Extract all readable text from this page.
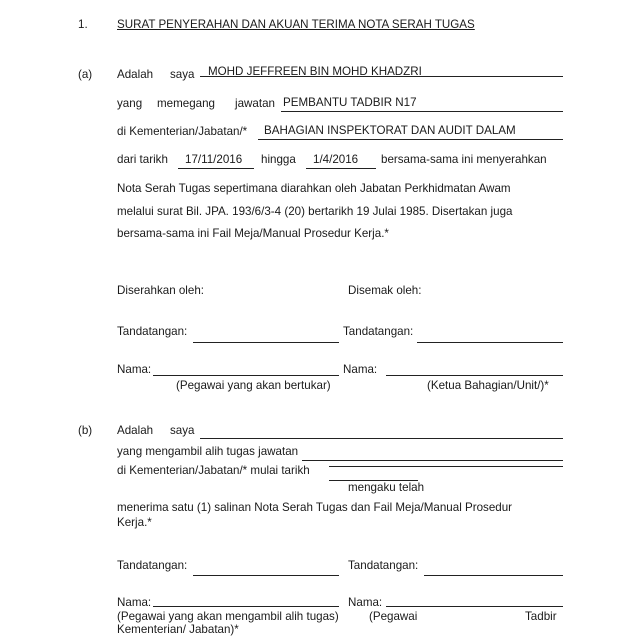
1.	SURAT PENYERAHAN DAN AKUAN TERIMA NOTA SERAH TUGAS
(a) Adalah saya MOHD JEFFREEN BIN MOHD KHADZRI
yang memegang jawatan PEMBANTU TADBIR N17
di Kementerian/Jabatan/* BAHAGIAN INSPEKTORAT DAN AUDIT DALAM
dari tarikh 17/11/2016 hingga 1/4/2016 bersama-sama ini menyerahkan
Nota Serah Tugas sepertimana diarahkan oleh Jabatan Perkhidmatan Awam
melalui surat Bil. JPA. 193/6/3-4 (20) bertarikh 19 Julai 1985. Disertakan juga
bersama-sama ini Fail Meja/Manual Prosedur Kerja.*
Diserahkan oleh:	Disemak oleh:
Tandatangan:	Tandatangan:
Nama:	Nama:
(Pegawai yang akan bertukar)	(Ketua Bahagian/Unit/)*
(b) Adalah saya
yang mengambil alih tugas jawatan
di Kementerian/Jabatan/* mulai tarikh
mengaku telah
menerima satu (1) salinan Nota Serah Tugas dan Fail Meja/Manual Prosedur
Kerja.*
Tandatangan:	Tandatangan:
Nama:	Nama:
(Pegawai yang akan mengambil alih tugas)	(Pegawai	Tadbir
Kementerian/ Jabatan)*
